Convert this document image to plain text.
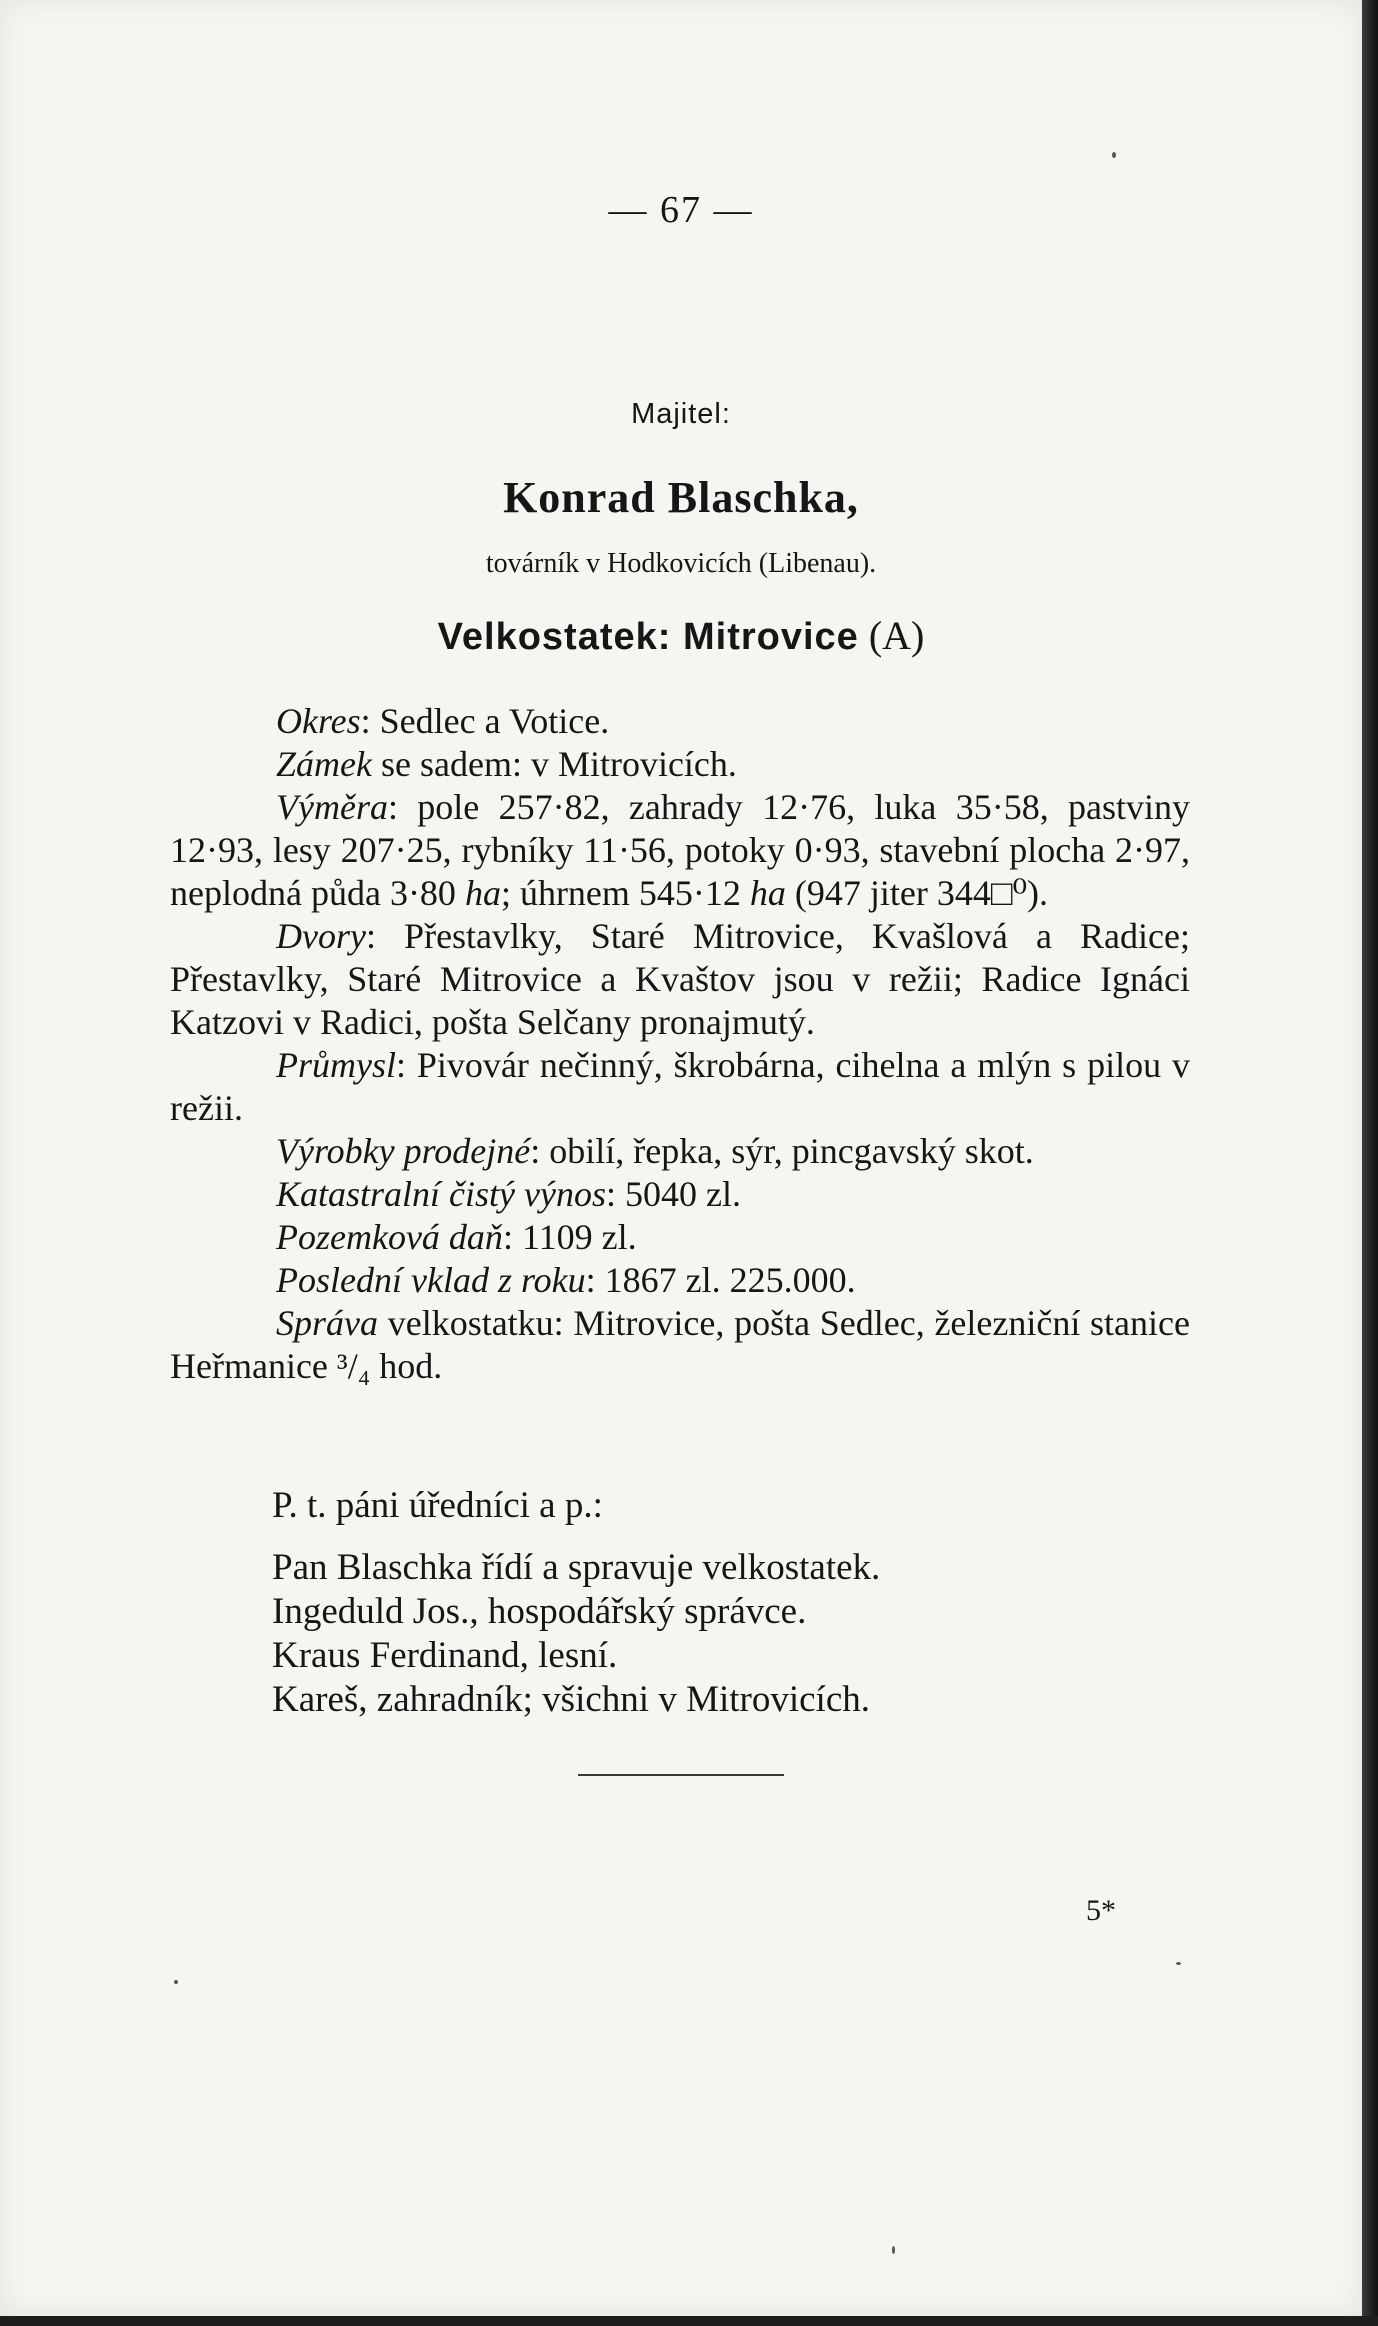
— 67 —
Majitel:
Konrad Blaschka,
továrník v Hodkovicích (Libenau).
Velkostatek: Mitrovice (A)

Okres: Sedlec a Votice.

Zámek se sadem: v Mitrovicích.

Výměra: pole 257·82, zahrady 12·76, luka 35·58, pastviny 12·93, lesy 207·25, rybníky 11·56, potoky 0·93, stavební plocha 2·97, neplodná půda 3·80 ha; úhrnem 545·12 ha (947 jiter 344□⁰).

Dvory: Přestavlky, Staré Mitrovice, Kvašlová a Radice; Přestavlky, Staré Mitrovice a Kvaštov jsou v režii; Radice Ignáci Katzovi v Radici, pošta Selčany pronajmutý.

Průmysl: Pivovár nečinný, škrobárna, cihelna a mlýn s pilou v režii.

Výrobky prodejné: obilí, řepka, sýr, pincgavský skot.

Katastralní čistý výnos: 5040 zl.

Pozemková daň: 1109 zl.

Poslední vklad z roku: 1867 zl. 225.000.

Správa velkostatku: Mitrovice, pošta Sedlec, železniční stanice Heřmanice ³/₄ hod.

P. t. páni úředníci a p.:
Pan Blaschka řídí a spravuje velkostatek.
Ingeduld Jos., hospodářský správce.
Kraus Ferdinand, lesní.
Kareš, zahradník; všichni v Mitrovicích.
5*
